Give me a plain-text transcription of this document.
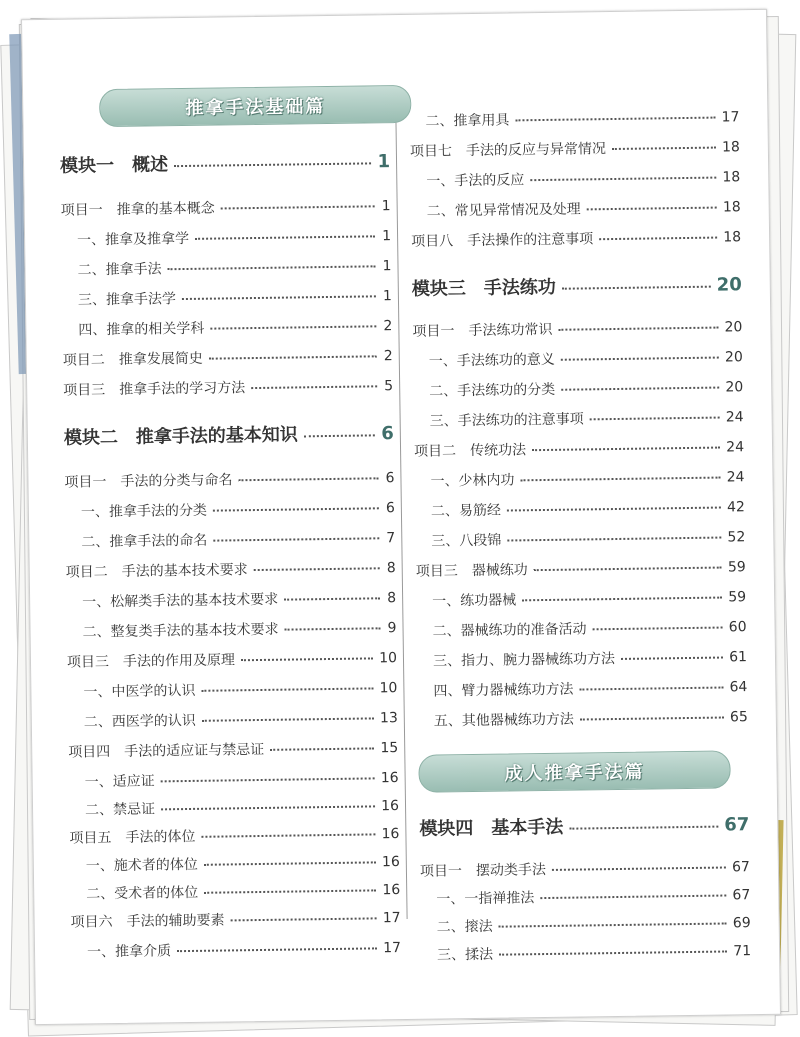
推拿手法基础篇
模块一　概述	1
项目一　推拿的基本概念	1
一、推拿及推拿学	1
二、推拿手法	1
三、推拿手法学	1
四、推拿的相关学科	2
项目二　推拿发展简史	2
项目三　推拿手法的学习方法	5
模块二　推拿手法的基本知识	6
项目一　手法的分类与命名	6
一、推拿手法的分类	6
二、推拿手法的命名	7
项目二　手法的基本技术要求	8
一、松解类手法的基本技术要求	8
二、整复类手法的基本技术要求	9
项目三　手法的作用及原理	10
一、中医学的认识	10
二、西医学的认识	13
项目四　手法的适应证与禁忌证	15
一、适应证	16
二、禁忌证	16
项目五　手法的体位	16
一、施术者的体位	16
二、受术者的体位	16
项目六　手法的辅助要素	17
一、推拿介质	17
二、推拿用具	17
项目七　手法的反应与异常情况	18
一、手法的反应	18
二、常见异常情况及处理	18
项目八　手法操作的注意事项	18
模块三　手法练功	20
项目一　手法练功常识	20
一、手法练功的意义	20
二、手法练功的分类	20
三、手法练功的注意事项	24
项目二　传统功法	24
一、少林内功	24
二、易筋经	42
三、八段锦	52
项目三　器械练功	59
一、练功器械	59
二、器械练功的准备活动	60
三、指力、腕力器械练功方法	61
四、臂力器械练功方法	64
五、其他器械练功方法	65
成人推拿手法篇
模块四　基本手法	67
项目一　摆动类手法	67
一、一指禅推法	67
二、㨰法	69
三、揉法	71
